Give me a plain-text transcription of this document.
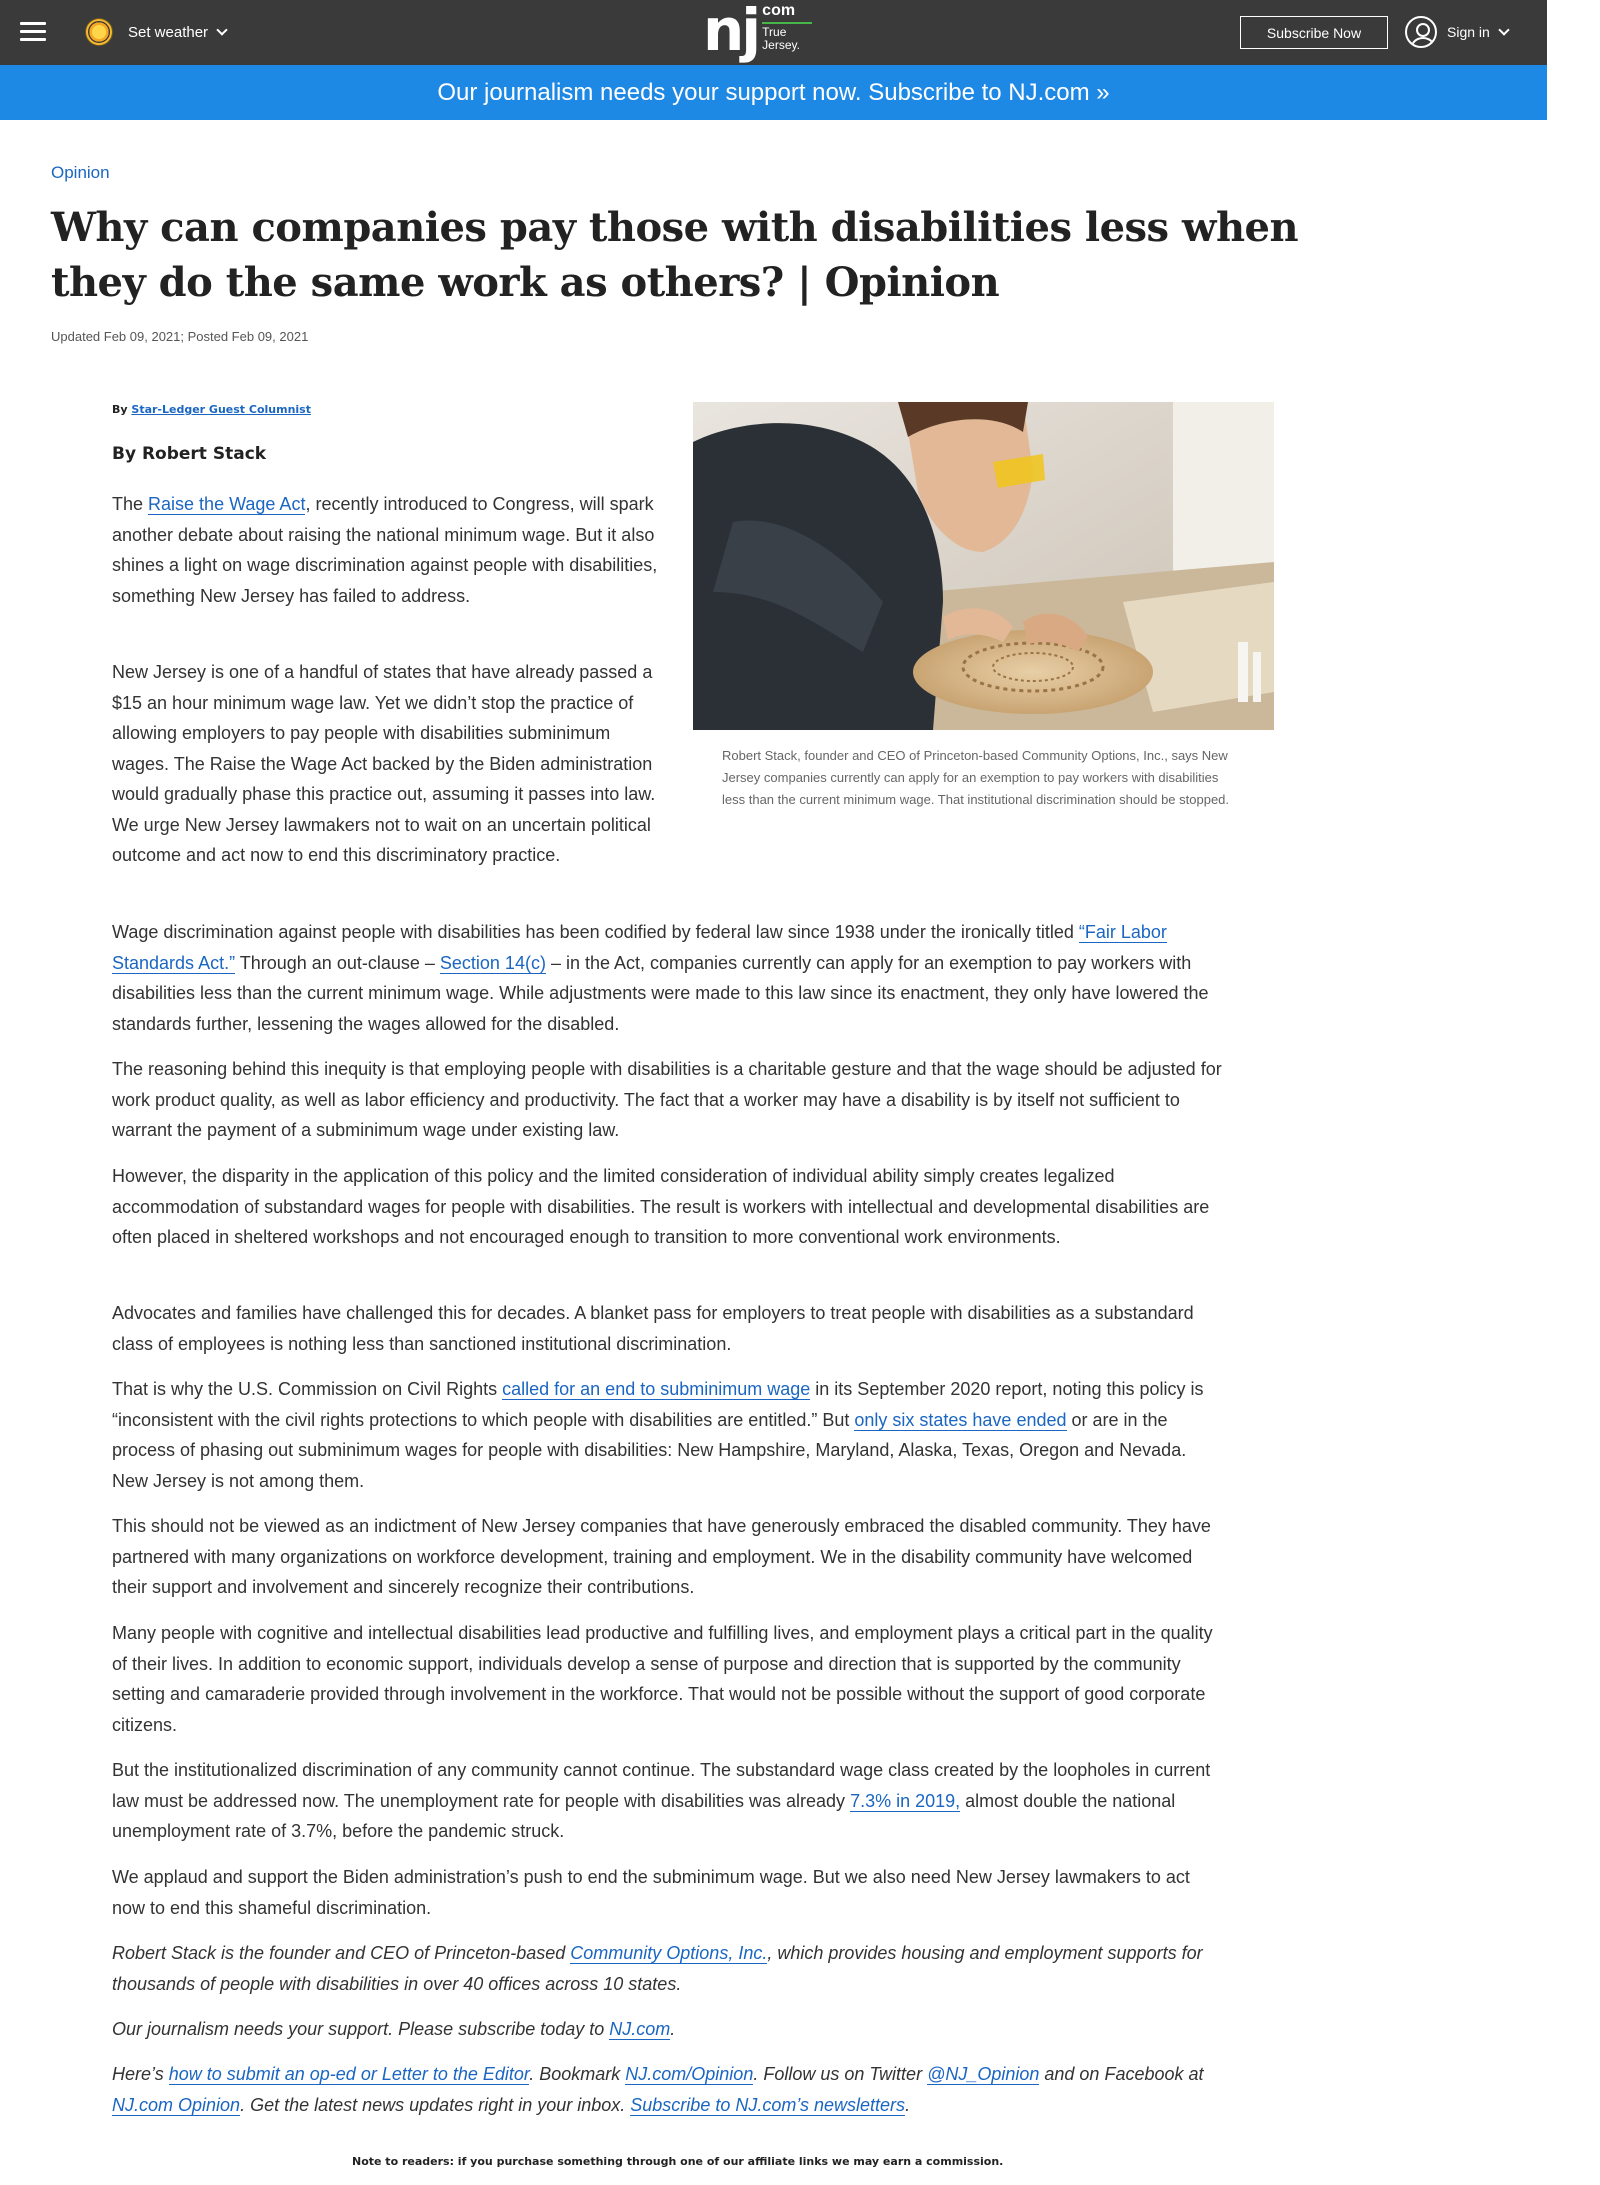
Set weather	nj com
True
Jersey.
Subscribe Now	Sign in
Our journalism needs your support now. Subscribe to NJ.com »
Opinion
Why can companies pay those with disabilities less when they do the same work as others? | Opinion
Updated Feb 09, 2021; Posted Feb 09, 2021
By Star-Ledger Guest Columnist
By Robert Stack
Robert Stack, founder and CEO of Princeton-based Community Options, Inc., says New Jersey companies currently can apply for an exemption to pay workers with disabilities less than the current minimum wage. That institutional discrimination should be stopped.

The Raise the Wage Act, recently introduced to Congress, will spark another debate about raising the national minimum wage. But it also shines a light on wage discrimination against people with disabilities, something New Jersey has failed to address.

New Jersey is one of a handful of states that have already passed a $15 an hour minimum wage law. Yet we didn’t stop the practice of allowing employers to pay people with disabilities subminimum wages. The Raise the Wage Act backed by the Biden administration would gradually phase this practice out, assuming it passes into law. We urge New Jersey lawmakers not to wait on an uncertain political outcome and act now to end this discriminatory practice.

Wage discrimination against people with disabilities has been codified by federal law since 1938 under the ironically titled “Fair Labor Standards Act.” Through an out-clause – Section 14(c) – in the Act, companies currently can apply for an exemption to pay workers with disabilities less than the current minimum wage. While adjustments were made to this law since its enactment, they only have lowered the standards further, lessening the wages allowed for the disabled.

The reasoning behind this inequity is that employing people with disabilities is a charitable gesture and that the wage should be adjusted for work product quality, as well as labor efficiency and productivity. The fact that a worker may have a disability is by itself not sufficient to warrant the payment of a subminimum wage under existing law.

However, the disparity in the application of this policy and the limited consideration of individual ability simply creates legalized accommodation of substandard wages for people with disabilities. The result is workers with intellectual and developmental disabilities are often placed in sheltered workshops and not encouraged enough to transition to more conventional work environments.

Advocates and families have challenged this for decades. A blanket pass for employers to treat people with disabilities as a substandard class of employees is nothing less than sanctioned institutional discrimination.

That is why the U.S. Commission on Civil Rights called for an end to subminimum wage in its September 2020 report, noting this policy is “inconsistent with the civil rights protections to which people with disabilities are entitled.” But only six states have ended or are in the process of phasing out subminimum wages for people with disabilities: New Hampshire, Maryland, Alaska, Texas, Oregon and Nevada. New Jersey is not among them.

This should not be viewed as an indictment of New Jersey companies that have generously embraced the disabled community. They have partnered with many organizations on workforce development, training and employment. We in the disability community have welcomed their support and involvement and sincerely recognize their contributions.

Many people with cognitive and intellectual disabilities lead productive and fulfilling lives, and employment plays a critical part in the quality of their lives. In addition to economic support, individuals develop a sense of purpose and direction that is supported by the community setting and camaraderie provided through involvement in the workforce. That would not be possible without the support of good corporate citizens.

But the institutionalized discrimination of any community cannot continue. The substandard wage class created by the loopholes in current law must be addressed now. The unemployment rate for people with disabilities was already 7.3% in 2019, almost double the national unemployment rate of 3.7%, before the pandemic struck.

We applaud and support the Biden administration’s push to end the subminimum wage. But we also need New Jersey lawmakers to act now to end this shameful discrimination.

Robert Stack is the founder and CEO of Princeton-based Community Options, Inc., which provides housing and employment supports for thousands of people with disabilities in over 40 offices across 10 states.

Our journalism needs your support. Please subscribe today to NJ.com.

Here’s how to submit an op-ed or Letter to the Editor. Bookmark NJ.com/Opinion. Follow us on Twitter @NJ_Opinion and on Facebook at NJ.com Opinion. Get the latest news updates right in your inbox. Subscribe to NJ.com’s newsletters.

Note to readers: if you purchase something through one of our affiliate links we may earn a commission.
